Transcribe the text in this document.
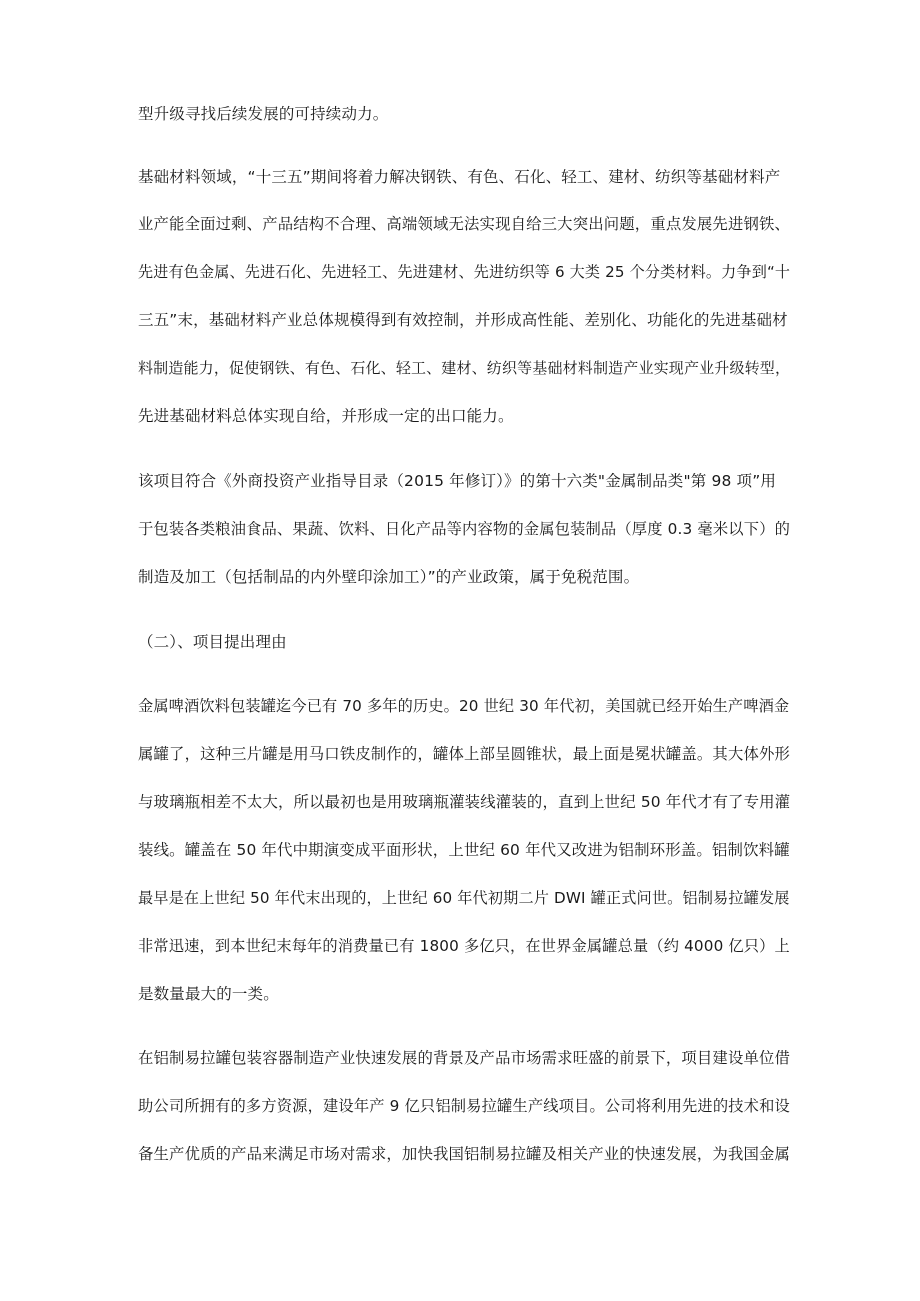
型升级寻找后续发展的可持续动力。
基础材料领域，“十三五”期间将着力解决钢铁、有色、石化、轻工、建材、纺织等基础材料产
业产能全面过剩、产品结构不合理、高端领域无法实现自给三大突出问题，重点发展先进钢铁、
先进有色金属、先进石化、先进轻工、先进建材、先进纺织等 6 大类 25 个分类材料。力争到“十
三五”末，基础材料产业总体规模得到有效控制，并形成高性能、差别化、功能化的先进基础材
料制造能力，促使钢铁、有色、石化、轻工、建材、纺织等基础材料制造产业实现产业升级转型，
先进基础材料总体实现自给，并形成一定的出口能力。
该项目符合《外商投资产业指导目录（2015 年修订）》的第十六类"金属制品类"第 98 项”用
于包装各类粮油食品、果蔬、饮料、日化产品等内容物的金属包装制品（厚度 0.3 毫米以下）的
制造及加工（包括制品的内外壁印涂加工）”的产业政策，属于免税范围。
（二）、项目提出理由
金属啤酒饮料包装罐迄今已有 70 多年的历史。20 世纪 30 年代初，美国就已经开始生产啤酒金
属罐了，这种三片罐是用马口铁皮制作的，罐体上部呈圆锥状，最上面是冕状罐盖。其大体外形
与玻璃瓶相差不太大，所以最初也是用玻璃瓶灌装线灌装的，直到上世纪 50 年代才有了专用灌
装线。罐盖在 50 年代中期演变成平面形状，上世纪 60 年代又改进为铝制环形盖。铝制饮料罐
最早是在上世纪 50 年代末出现的，上世纪 60 年代初期二片 DWI 罐正式问世。铝制易拉罐发展
非常迅速，到本世纪末每年的消费量已有 1800 多亿只，在世界金属罐总量（约 4000 亿只）上
是数量最大的一类。
在铝制易拉罐包装容器制造产业快速发展的背景及产品市场需求旺盛的前景下，项目建设单位借
助公司所拥有的多方资源，建设年产 9 亿只铝制易拉罐生产线项目。公司将利用先进的技术和设
备生产优质的产品来满足市场对需求，加快我国铝制易拉罐及相关产业的快速发展，为我国金属
